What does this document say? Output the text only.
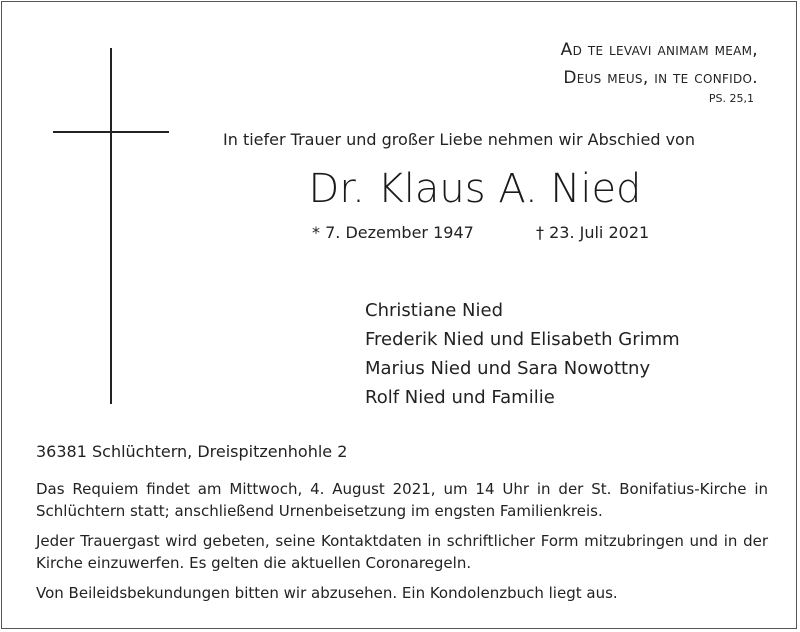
Ad te levavi animam meam,
Deus meus, in te confido.
PS. 25,1
In tiefer Trauer und großer Liebe nehmen wir Abschied von
Dr. Klaus A. Nied
* 7. Dezember 1947	† 23. Juli 2021
Christiane Nied
Frederik Nied und Elisabeth Grimm
Marius Nied und Sara Nowottny
Rolf Nied und Familie
36381 Schlüchtern, Dreispitzenhohle 2
Das Requiem findet am Mittwoch, 4. August 2021, um 14 Uhr in der St. Bonifatius-Kirche in Schlüchtern statt; anschließend Urnenbeisetzung im engsten Familienkreis.
Jeder Trauergast wird gebeten, seine Kontaktdaten in schriftlicher Form mitzubringen und in der Kirche einzuwerfen. Es gelten die aktuellen Coronaregeln.
Von Beileidsbekundungen bitten wir abzusehen. Ein Kondolenzbuch liegt aus.
